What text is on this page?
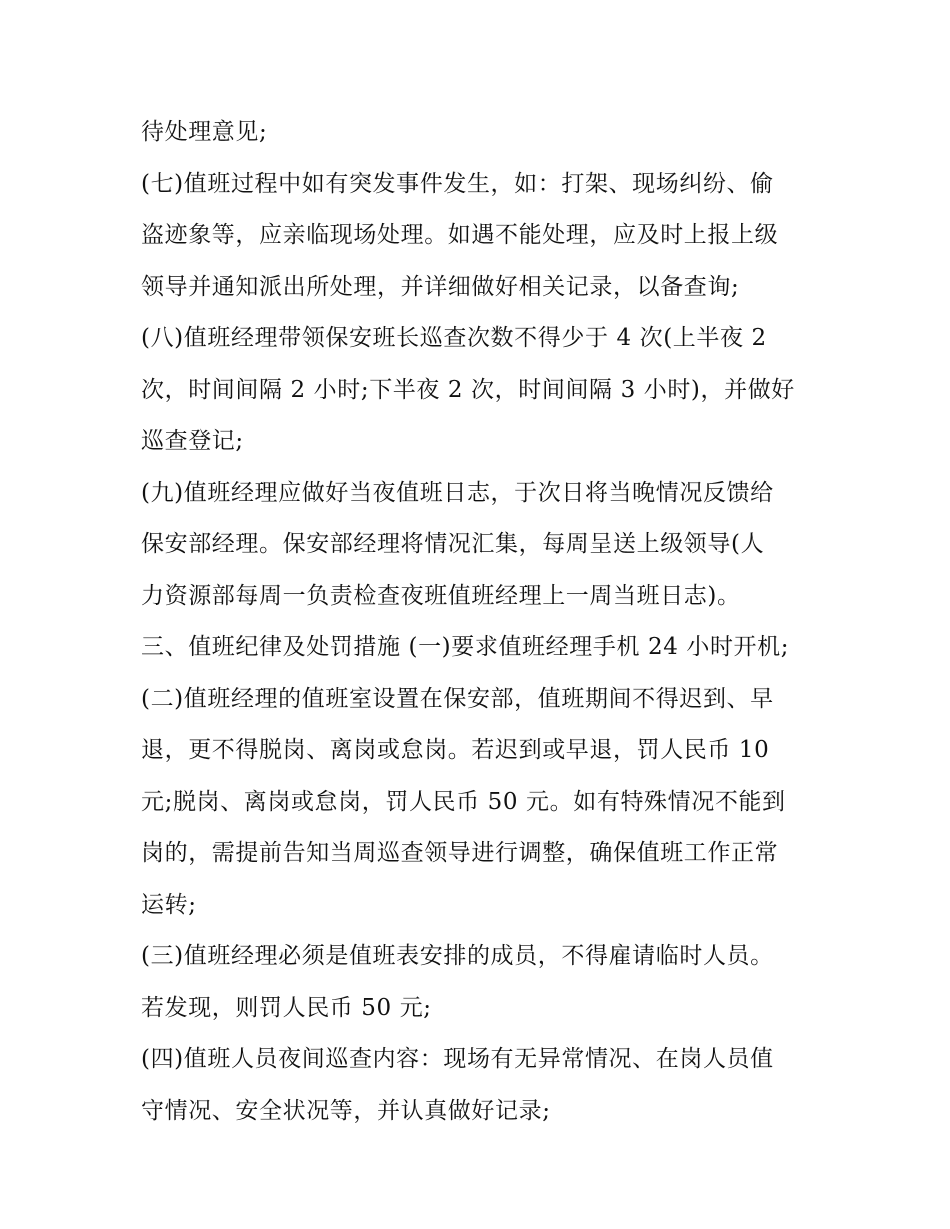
待处理意见;
(七)值班过程中如有突发事件发生，如：打架、现场纠纷、偷
盗迹象等，应亲临现场处理。如遇不能处理，应及时上报上级
领导并通知派出所处理，并详细做好相关记录，以备查询;
(八)值班经理带领保安班长巡查次数不得少于 4 次(上半夜 2
次，时间间隔 2 小时;下半夜 2 次，时间间隔 3 小时)，并做好
巡查登记;
(九)值班经理应做好当夜值班日志，于次日将当晚情况反馈给
保安部经理。保安部经理将情况汇集，每周呈送上级领导(人
力资源部每周一负责检查夜班值班经理上一周当班日志)。
三、值班纪律及处罚措施 (一)要求值班经理手机 24 小时开机;
(二)值班经理的值班室设置在保安部，值班期间不得迟到、早
退，更不得脱岗、离岗或怠岗。若迟到或早退，罚人民币 10
元;脱岗、离岗或怠岗，罚人民币 50 元。如有特殊情况不能到
岗的，需提前告知当周巡查领导进行调整，确保值班工作正常
运转;
(三)值班经理必须是值班表安排的成员，不得雇请临时人员。
若发现，则罚人民币 50 元;
(四)值班人员夜间巡查内容：现场有无异常情况、在岗人员值
守情况、安全状况等，并认真做好记录;
